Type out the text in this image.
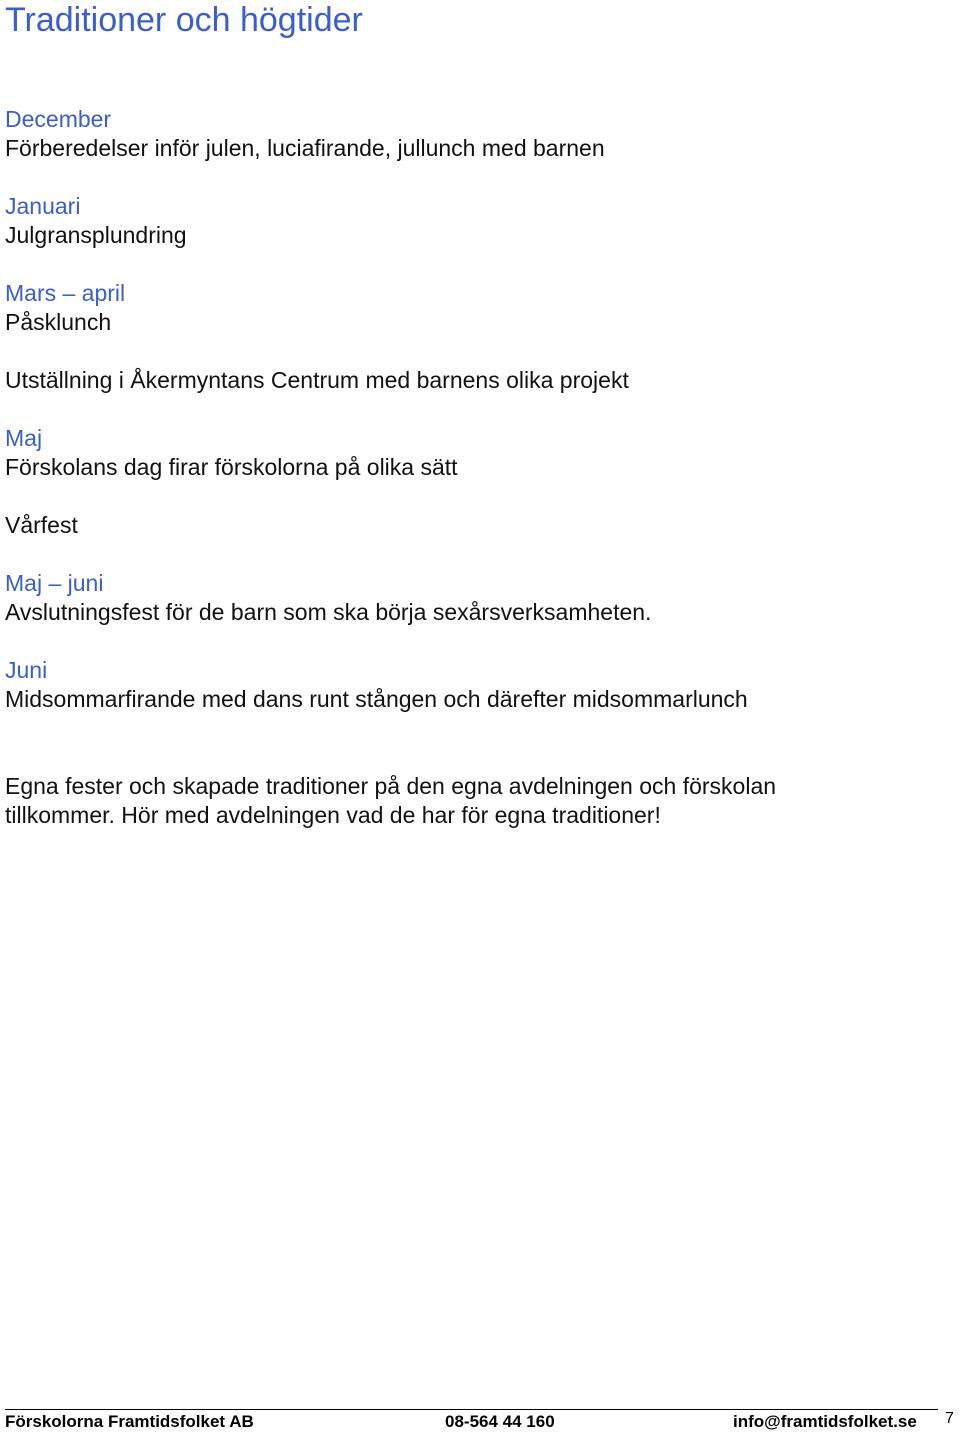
Traditioner och högtider
December
Förberedelser inför julen, luciafirande, jullunch med barnen
Januari
Julgransplundring
Mars – april
Påsklunch
Utställning i Åkermyntans Centrum med barnens olika projekt
Maj
Förskolans dag firar förskolorna på olika sätt
Vårfest
Maj – juni
Avslutningsfest för de barn som ska börja sexårsverksamheten.
Juni
Midsommarfirande med dans runt stången och därefter midsommarlunch
Egna fester och skapade traditioner på den egna avdelningen och förskolan
tillkommer. Hör med avdelningen vad de har för egna traditioner!
Förskolorna Framtidsfolket AB	08-564 44 160	info@framtidsfolket.se 7
